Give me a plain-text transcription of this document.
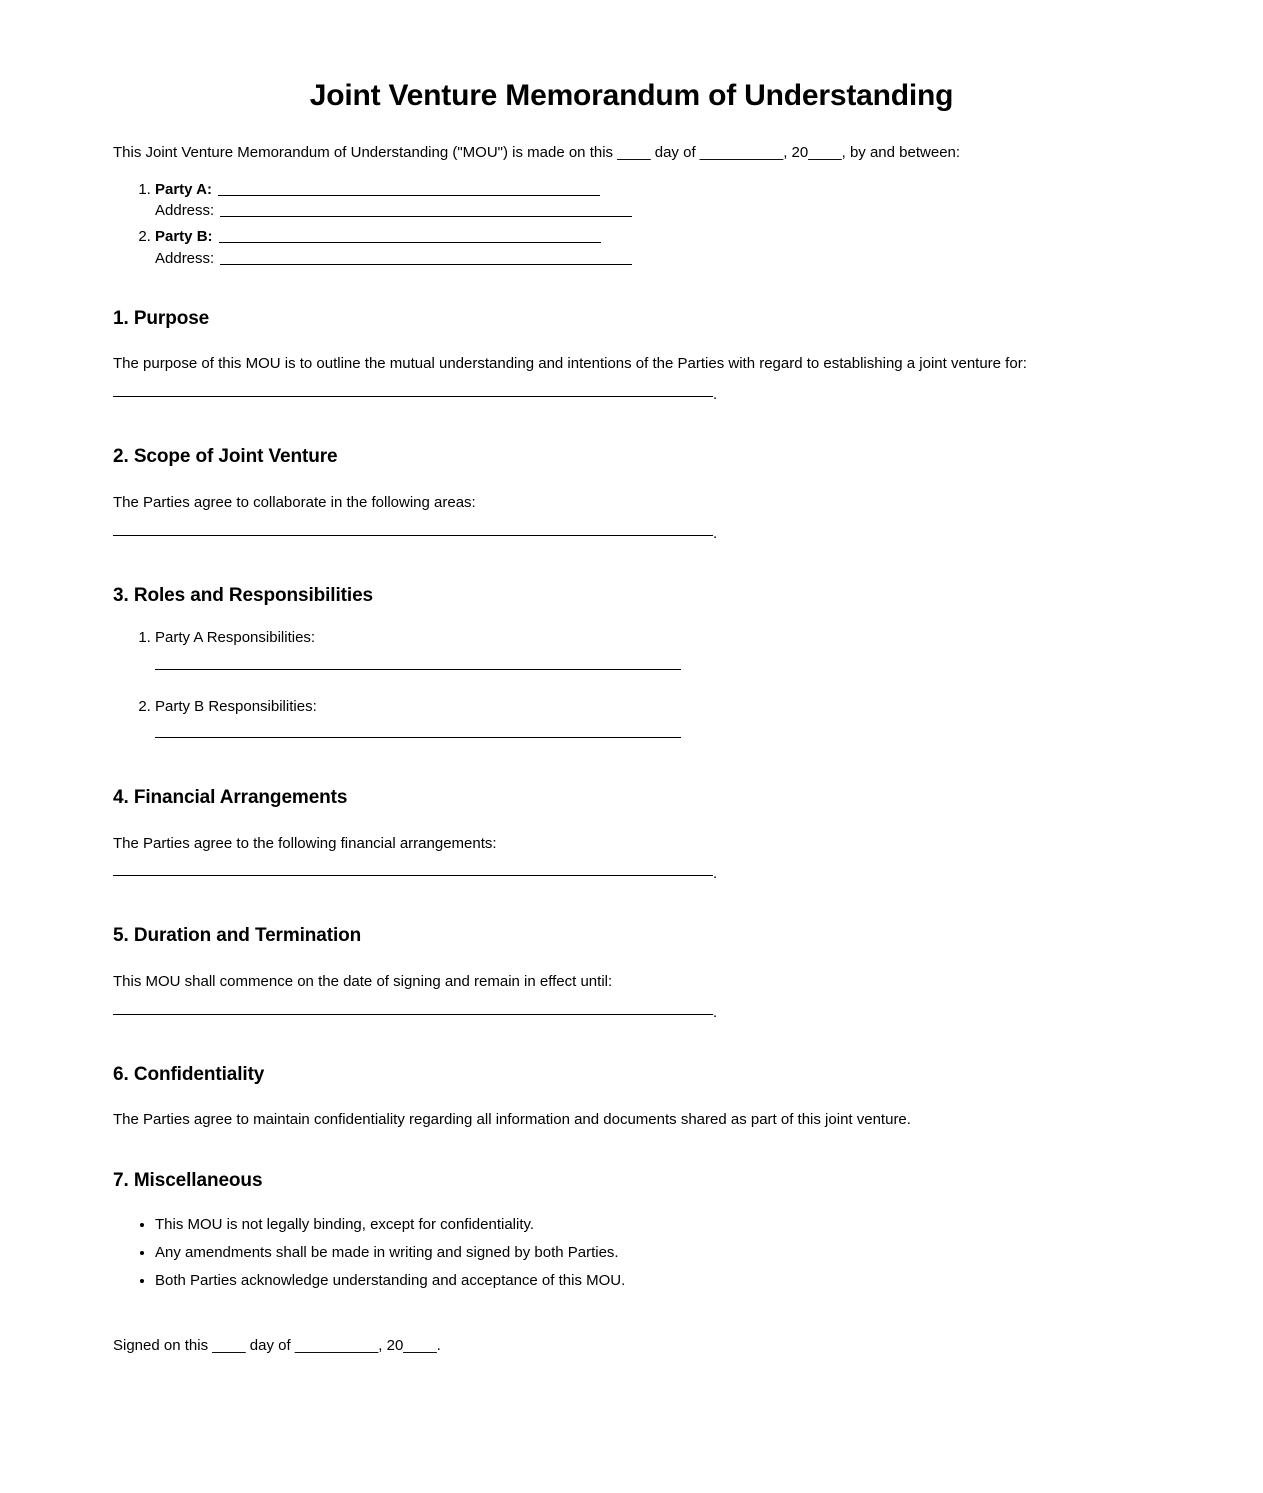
Joint Venture Memorandum of Understanding

This Joint Venture Memorandum of Understanding ("MOU") is made on this ____ day of __________, 20____, by and between:

1. Party A:
Address:
2. Party B:
Address:
1. Purpose

The purpose of this MOU is to outline the mutual understanding and intentions of the Parties with regard to establishing a joint venture for:

.
2. Scope of Joint Venture

The Parties agree to collaborate in the following areas:

.
3. Roles and Responsibilities
1. Party A Responsibilities:
2. Party B Responsibilities:
4. Financial Arrangements

The Parties agree to the following financial arrangements:

.
5. Duration and Termination

This MOU shall commence on the date of signing and remain in effect until:

.
6. Confidentiality

The Parties agree to maintain confidentiality regarding all information and documents shared as part of this joint venture.

7. Miscellaneous
• This MOU is not legally binding, except for confidentiality.
• Any amendments shall be made in writing and signed by both Parties.
• Both Parties acknowledge understanding and acceptance of this MOU.

Signed on this ____ day of __________, 20____.
